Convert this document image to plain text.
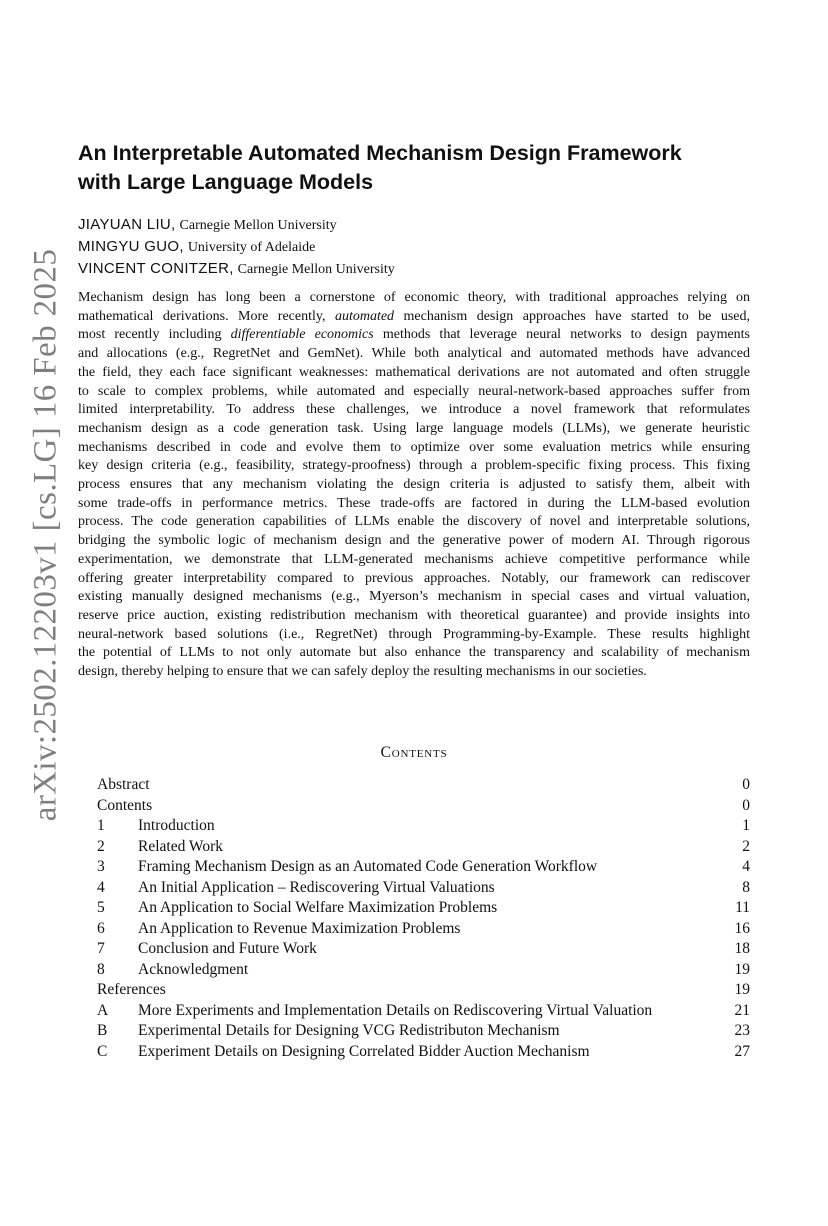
arXiv:2502.12203v1 [cs.LG] 16 Feb 2025
An Interpretable Automated Mechanism Design Framework
with Large Language Models
JIAYUAN LIU, Carnegie Mellon University
MINGYU GUO, University of Adelaide
VINCENT CONITZER, Carnegie Mellon University

Mechanism design has long been a cornerstone of economic theory, with traditional approaches relying on
mathematical derivations. More recently, automated mechanism design approaches have started to be used,
most recently including differentiable economics methods that leverage neural networks to design payments
and allocations (e.g., RegretNet and GemNet). While both analytical and automated methods have advanced
the field, they each face significant weaknesses: mathematical derivations are not automated and often struggle
to scale to complex problems, while automated and especially neural-network-based approaches suffer from
limited interpretability. To address these challenges, we introduce a novel framework that reformulates
mechanism design as a code generation task. Using large language models (LLMs), we generate heuristic
mechanisms described in code and evolve them to optimize over some evaluation metrics while ensuring
key design criteria (e.g., feasibility, strategy-proofness) through a problem-specific fixing process. This fixing
process ensures that any mechanism violating the design criteria is adjusted to satisfy them, albeit with
some trade-offs in performance metrics. These trade-offs are factored in during the LLM-based evolution
process. The code generation capabilities of LLMs enable the discovery of novel and interpretable solutions,
bridging the symbolic logic of mechanism design and the generative power of modern AI. Through rigorous
experimentation, we demonstrate that LLM-generated mechanisms achieve competitive performance while
offering greater interpretability compared to previous approaches. Notably, our framework can rediscover
existing manually designed mechanisms (e.g., Myerson’s mechanism in special cases and virtual valuation,
reserve price auction, existing redistribution mechanism with theoretical guarantee) and provide insights into
neural-network based solutions (i.e., RegretNet) through Programming-by-Example. These results highlight
the potential of LLMs to not only automate but also enhance the transparency and scalability of mechanism
design, thereby helping to ensure that we can safely deploy the resulting mechanisms in our societies.

Contents
Abstract	0
Contents	0
1 Introduction	1
2 Related Work	2
3 Framing Mechanism Design as an Automated Code Generation Workflow	4
4 An Initial Application – Rediscovering Virtual Valuations	8
5 An Application to Social Welfare Maximization Problems	11
6 An Application to Revenue Maximization Problems	16
7 Conclusion and Future Work	18
8 Acknowledgment	19
References	19
A More Experiments and Implementation Details on Rediscovering Virtual Valuation	21
B Experimental Details for Designing VCG Redistributon Mechanism	23
C Experiment Details on Designing Correlated Bidder Auction Mechanism	27
